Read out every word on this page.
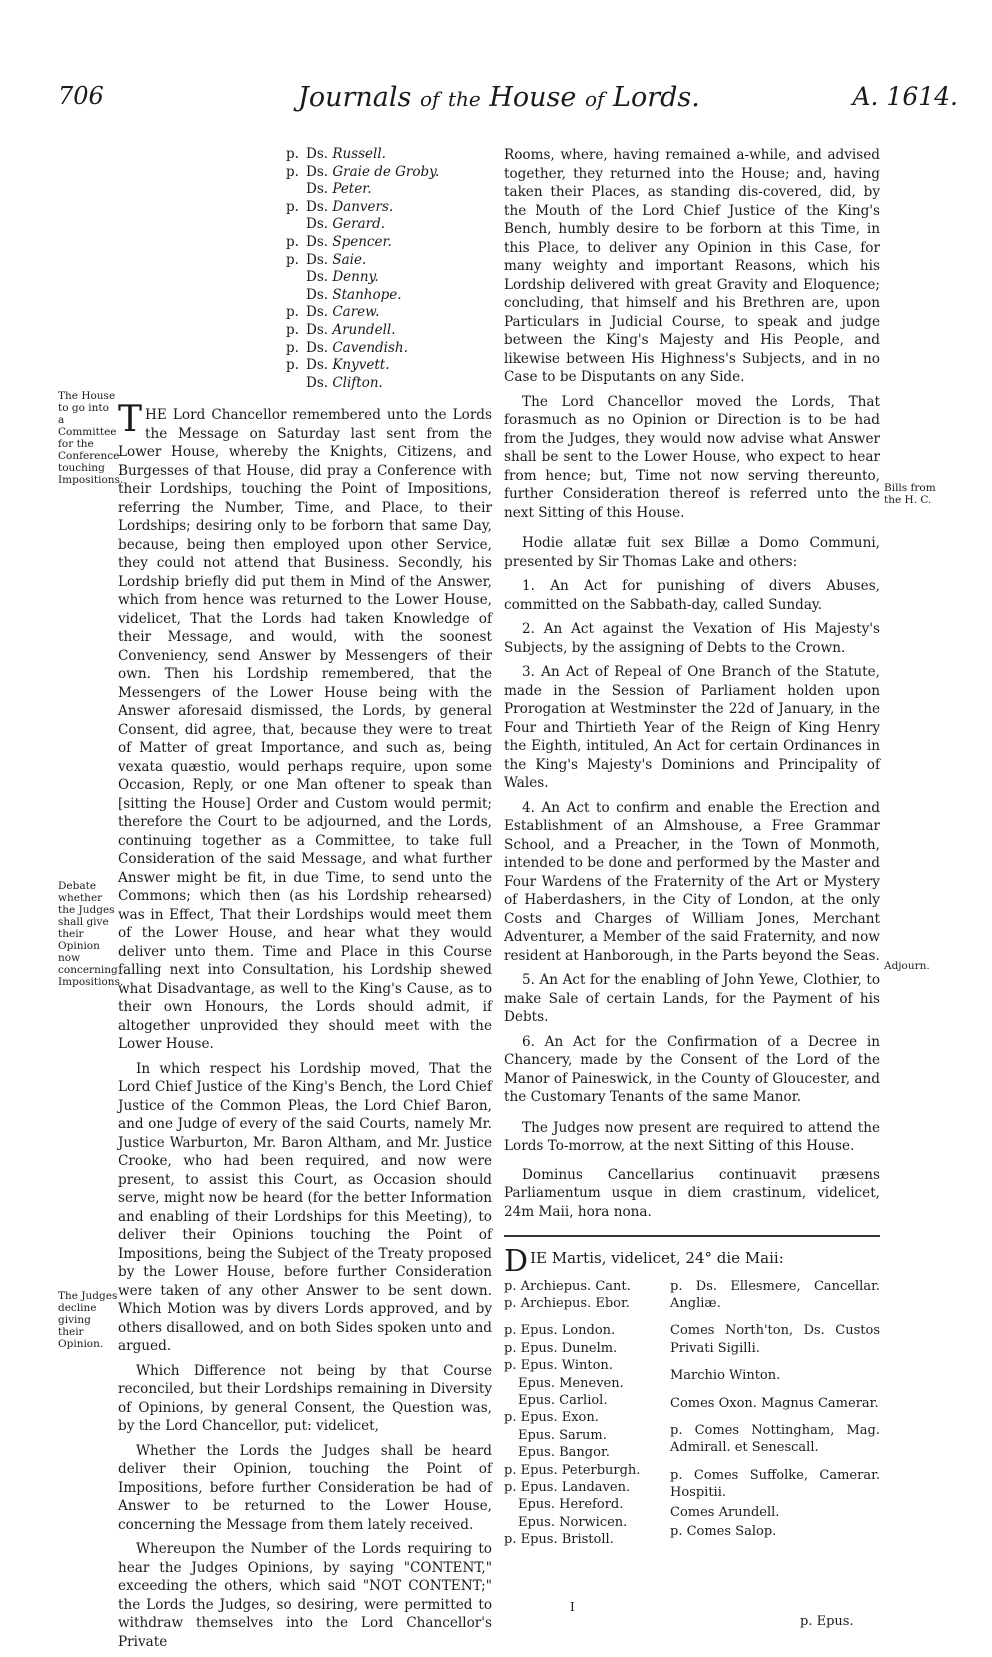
706	Journals of the House of Lords.	A. 1614.
The House to go into a Committee for the Conference touching Impositions.
Debate whether the Judges shall give their Opinion now concerning Impositions.
The Judges decline giving their Opinion.
Bills from the H. C.
Adjourn.
p. Ds. Russell.
p. Ds. Graie de Groby.
Ds. Peter.
p. Ds. Danvers.
Ds. Gerard.
p. Ds. Spencer.
p. Ds. Saie.
Ds. Denny.
Ds. Stanhope.
p. Ds. Carew.
p. Ds. Arundell.
p. Ds. Cavendish.
p. Ds. Knyvett.
Ds. Clifton.

THE Lord Chancellor remembered unto the Lords the Message on Saturday last sent from the Lower House, whereby the Knights, Citizens, and Burgesses of that House, did pray a Conference with their Lordships, touching the Point of Impositions, referring the Number, Time, and Place, to their Lordships; desiring only to be forborn that same Day, because, being then employed upon other Service, they could not attend that Business. Secondly, his Lordship briefly did put them in Mind of the Answer, which from hence was returned to the Lower House, videlicet, That the Lords had taken Knowledge of their Message, and would, with the soonest Conveniency, send Answer by Messengers of their own. Then his Lordship remembered, that the Messengers of the Lower House being with the Answer aforesaid dismissed, the Lords, by general Consent, did agree, that, because they were to treat of Matter of great Importance, and such as, being vexata quæstio, would perhaps require, upon some Occasion, Reply, or one Man oftener to speak than [sitting the House] Order and Custom would permit; therefore the Court to be adjourned, and the Lords, continuing together as a Committee, to take full Consideration of the said Message, and what further Answer might be fit, in due Time, to send unto the Commons; which then (as his Lordship rehearsed) was in Effect, That their Lordships would meet them of the Lower House, and hear what they would deliver unto them. Time and Place in this Course falling next into Consultation, his Lordship shewed what Disadvantage, as well to the King's Cause, as to their own Honours, the Lords should admit, if altogether unprovided they should meet with the Lower House.

In which respect his Lordship moved, That the Lord Chief Justice of the King's Bench, the Lord Chief Justice of the Common Pleas, the Lord Chief Baron, and one Judge of every of the said Courts, namely Mr. Justice Warburton, Mr. Baron Altham, and Mr. Justice Crooke, who had been required, and now were present, to assist this Court, as Occasion should serve, might now be heard (for the better Information and enabling of their Lordships for this Meeting), to deliver their Opinions touching the Point of Impositions, being the Subject of the Treaty proposed by the Lower House, before further Consideration were taken of any other Answer to be sent down. Which Motion was by divers Lords approved, and by others disallowed, and on both Sides spoken unto and argued.

Which Difference not being by that Course reconciled, but their Lordships remaining in Diversity of Opinions, by general Consent, the Question was, by the Lord Chancellor, put: videlicet,

Whether the Lords the Judges shall be heard deliver their Opinion, touching the Point of Impositions, before further Consideration be had of Answer to be returned to the Lower House, concerning the Message from them lately received.

Whereupon the Number of the Lords requiring to hear the Judges Opinions, by saying "CONTENT," exceeding the others, which said "NOT CONTENT;" the Lords the Judges, so desiring, were permitted to withdraw themselves into the Lord Chancellor's Private

Rooms, where, having remained a-while, and advised together, they returned into the House; and, having taken their Places, as standing dis-covered, did, by the Mouth of the Lord Chief Justice of the King's Bench, humbly desire to be forborn at this Time, in this Place, to deliver any Opinion in this Case, for many weighty and important Reasons, which his Lordship delivered with great Gravity and Eloquence; concluding, that himself and his Brethren are, upon Particulars in Judicial Course, to speak and judge between the King's Majesty and His People, and likewise between His Highness's Subjects, and in no Case to be Disputants on any Side.

The Lord Chancellor moved the Lords, That forasmuch as no Opinion or Direction is to be had from the Judges, they would now advise what Answer shall be sent to the Lower House, who expect to hear from hence; but, Time not now serving thereunto, further Consideration thereof is referred unto the next Sitting of this House.

Hodie allatæ fuit sex Billæ a Domo Communi, presented by Sir Thomas Lake and others:

1. An Act for punishing of divers Abuses, committed on the Sabbath-day, called Sunday.

2. An Act against the Vexation of His Majesty's Subjects, by the assigning of Debts to the Crown.

3. An Act of Repeal of One Branch of the Statute, made in the Session of Parliament holden upon Prorogation at Westminster the 22d of January, in the Four and Thirtieth Year of the Reign of King Henry the Eighth, intituled, An Act for certain Ordinances in the King's Majesty's Dominions and Principality of Wales.

4. An Act to confirm and enable the Erection and Establishment of an Almshouse, a Free Grammar School, and a Preacher, in the Town of Monmoth, intended to be done and performed by the Master and Four Wardens of the Fraternity of the Art or Mystery of Haberdashers, in the City of London, at the only Costs and Charges of William Jones, Merchant Adventurer, a Member of the said Fraternity, and now resident at Hanborough, in the Parts beyond the Seas.

5. An Act for the enabling of John Yewe, Clothier, to make Sale of certain Lands, for the Payment of his Debts.

6. An Act for the Confirmation of a Decree in Chancery, made by the Consent of the Lord of the Manor of Paineswick, in the County of Gloucester, and the Customary Tenants of the same Manor.

The Judges now present are required to attend the Lords To-morrow, at the next Sitting of this House.

Dominus Cancellarius continuavit præsens Parliamentum usque in diem crastinum, videlicet, 24m Maii, hora nona.

DIE Martis, videlicet, 24° die Maii:
p. Archiepus. Cant.
p. Archiepus. Ebor.
p. Epus. London.
p. Epus. Dunelm.
p. Epus. Winton.
Epus. Meneven.
Epus. Carliol.
p. Epus. Exon.
Epus. Sarum.
Epus. Bangor.
p. Epus. Peterburgh.
p. Epus. Landaven.
Epus. Hereford.
Epus. Norwicen.
p. Epus. Bristoll.
p. Ds. Ellesmere, Cancellar. Angliæ.
Comes North'ton, Ds. Custos Privati Sigilli.
Marchio Winton.
Comes Oxon. Magnus Camerar.
p. Comes Nottingham, Mag. Admirall. et Senescall.
p. Comes Suffolke, Camerar. Hospitii.
Comes Arundell.
p. Comes Salop.
I
p. Epus.
